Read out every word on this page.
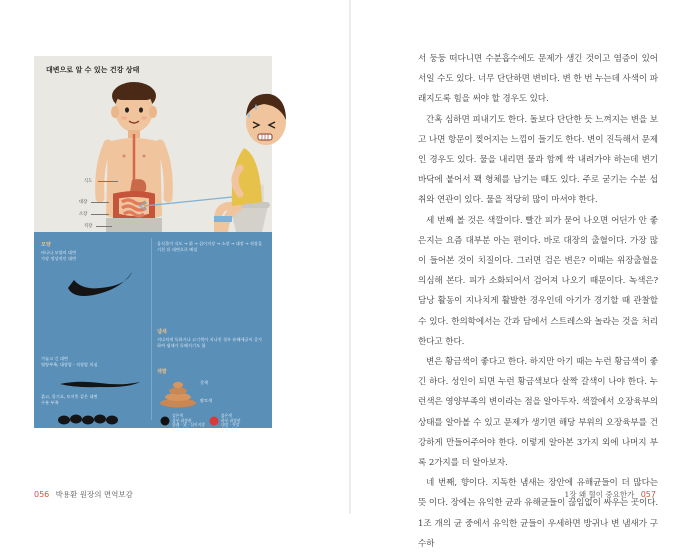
대변으로 알 수 있는 건강 상태
식도
대장
소장
직장
모양
바나나 모양의 대변
가장 정상적인 대변
가늘고 긴 대변
영양부족, 대장암 · 직장암 의심
묽고, 물기요, 토끼똥 같은 대변
수분 부족
음식물이 식도 → 위 → 십이지장 → 소장 → 대장 → 직장을 거친 뒤 대변으로 배설
냄새
지나치게 독하거나 고기썩이 지나친 경우 유해세균이 증가하여 냄새가 독해지기도 함
색깔
갈색
황토색
검은색
상부 위장관
위궤 · 위 · 십이지장
출혈 의심
붉은색
하부 위장관
대장 · 직장
출혈 의심
056 박용환 원장의 면역보감

서 둥둥 떠다니면 수분흡수에도 문제가 생긴 것이고 염증이 있어 서일 수도 있다. 너무 단단하면 변비다. 변 한 번 누는데 사색이 파 래지도록 힘을 써야 할 경우도 있다.

간혹 심하면 피내기도 한다. 돌보다 단단한 듯 느껴지는 변을 보 고 나면 항문이 찢어지는 느낌이 들기도 한다. 변이 진득해서 문제 인 경우도 있다. 물을 내리면 물과 함께 싹 내려가야 하는데 변기 바닥에 붙어서 꽥 형체를 남기는 때도 있다. 주로 굳기는 수분 섭 취와 연관이 있다. 물을 적당히 많이 마셔야 한다.

세 번째 볼 것은 색깔이다. 빨간 피가 묻어 나오면 어딘가 안 좋 은지는 요즘 대부분 아는 편이다. 바로 대장의 출혈이다. 가장 많 이 들어본 것이 치질이다. 그러면 검은 변은? 이때는 위장출혈을 의심해 본다. 피가 소화되어서 검어져 나오기 때문이다. 녹색은? 담낭 활동이 지나치게 활발한 경우인데 아기가 경기할 때 관찰할 수 있다. 한의학에서는 간과 담에서 스트레스와 놀라는 것을 처리 한다고 한다.

변은 황금색이 좋다고 한다. 하지만 아기 때는 누런 황금색이 좋 긴 하다. 성인이 되면 누런 황금색보다 살짝 갈색이 나야 한다. 누 런색은 영양부족의 변이라는 점을 알아두자. 색깔에서 오장육부의 상태를 알아볼 수 있고 문제가 생기면 해당 부위의 오장육부를 건 강하게 만들어주어야 한다. 이렇게 알아본 3가지 외에 나머지 부 록 2가지를 더 알아보자.

네 번째, 향이다. 지독한 냄새는 장안에 유해균들이 더 많다는 뜻 이다. 장에는 유익한 균과 유해균들이 끊임없이 싸우는 곳이다. 1조 개의 균 중에서 유익한 균들이 우세하면 방귀나 변 냄새가 구수하

1장 왜 혈이 중요한가 057
